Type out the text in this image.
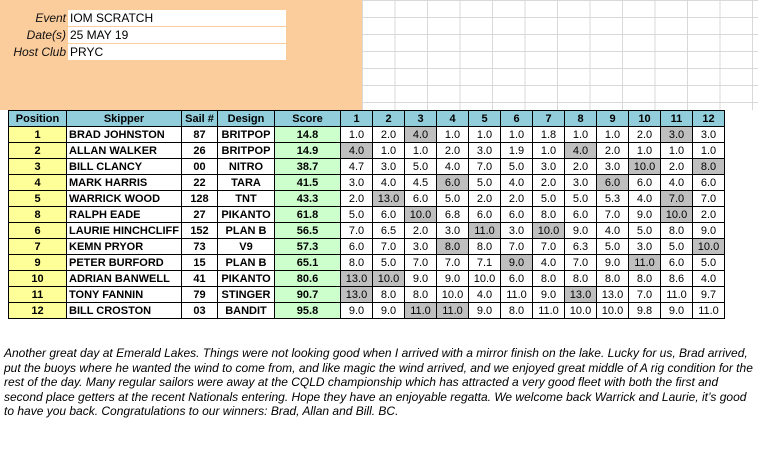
Event IOM SCRATCH
Date(s) 25 MAY 19
Host Club PRYC
Position	Skipper	Sail #	Design	Score	1	2	3	4	5	6	7	8	9	10	11	12
1	BRAD JOHNSTON	87	BRITPOP	14.8	1.0	2.0	4.0	1.0	1.0	1.0	1.8	1.0	1.0	2.0	3.0	3.0
2	ALLAN WALKER	26	BRITPOP	14.9	4.0	1.0	1.0	2.0	3.0	1.9	1.0	4.0	2.0	1.0	1.0	1.0
3	BILL CLANCY	00	NITRO	38.7	4.7	3.0	5.0	4.0	7.0	5.0	3.0	2.0	3.0	10.0	2.0	8.0
4	MARK HARRIS	22	TARA	41.5	3.0	4.0	4.5	6.0	5.0	4.0	2.0	3.0	6.0	6.0	4.0	6.0
5	WARRICK WOOD	128	TNT	43.3	2.0	13.0	6.0	5.0	2.0	2.0	5.0	5.0	5.3	4.0	7.0	7.0
8	RALPH EADE	27	PIKANTO	61.8	5.0	6.0	10.0	6.8	6.0	6.0	8.0	6.0	7.0	9.0	10.0	2.0
6	LAURIE HINCHCLIFF	152	PLAN B	56.5	7.0	6.5	2.0	3.0	11.0	3.0	10.0	9.0	4.0	5.0	8.0	9.0
7	KEMN PRYOR	73	V9	57.3	6.0	7.0	3.0	8.0	8.0	7.0	7.0	6.3	5.0	3.0	5.0	10.0
9	PETER BURFORD	15	PLAN B	65.1	8.0	5.0	7.0	7.0	7.1	9.0	4.0	7.0	9.0	11.0	6.0	5.0
10	ADRIAN BANWELL	41	PIKANTO	80.6	13.0	10.0	9.0	9.0	10.0	6.0	8.0	8.0	8.0	8.0	8.6	4.0
11	TONY FANNIN	79	STINGER	90.7	13.0	8.0	8.0	10.0	4.0	11.0	9.0	13.0	13.0	7.0	11.0	9.7
12	BILL CROSTON	03	BANDIT	95.8	9.0	9.0	11.0	11.0	9.0	8.0	11.0	10.0	10.0	9.8	9.0	11.0
Another great day at Emerald Lakes. Things were not looking good when I arrived with a mirror finish on the lake. Lucky for us, Brad arrived, put the buoys where he wanted the wind to come from, and like magic the wind arrived, and we enjoyed great middle of A rig condition for the rest of the day. Many regular sailors were away at the CQLD championship which has attracted a very good fleet with both the first and second place getters at the recent Nationals entering. Hope they have an enjoyable regatta. We welcome back Warrick and Laurie, it’s good to have you back. Congratulations to our winners: Brad, Allan and Bill. BC.
